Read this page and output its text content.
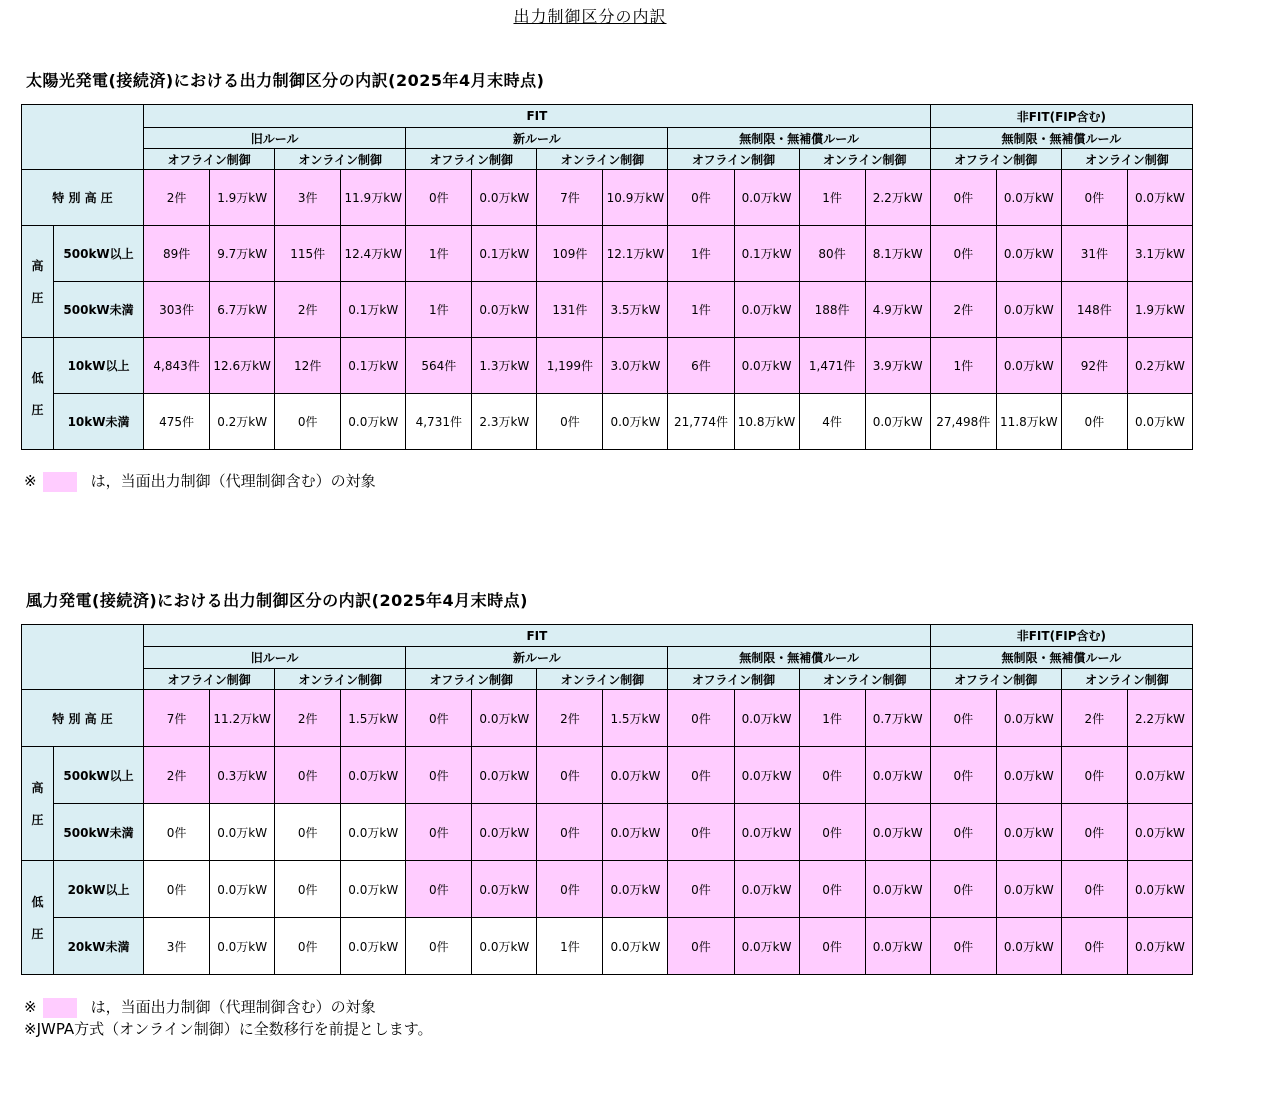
出力制御区分の内訳
太陽光発電(接続済)における出力制御区分の内訳(2025年4月末時点)
		FIT												非FIT(FIP含む)			
		旧ルール				新ルール				無制限・無補償ルール				無制限・無補償ルール			
		オフライン制御		オンライン制御		オフライン制御		オンライン制御		オフライン制御		オンライン制御		オフライン制御		オンライン制御	
特 別 高 圧		2件	1.9万kW	3件	11.9万kW	0件	0.0万kW	7件	10.9万kW	0件	0.0万kW	1件	2.2万kW	0件	0.0万kW	0件	0.0万kW
高

圧	500kW以上	89件	9.7万kW	115件	12.4万kW	1件	0.1万kW	109件	12.1万kW	1件	0.1万kW	80件	8.1万kW	0件	0.0万kW	31件	3.1万kW
	500kW未満	303件	6.7万kW	2件	0.1万kW	1件	0.0万kW	131件	3.5万kW	1件	0.0万kW	188件	4.9万kW	2件	0.0万kW	148件	1.9万kW
低

圧	10kW以上	4,843件	12.6万kW	12件	0.1万kW	564件	1.3万kW	1,199件	3.0万kW	6件	0.0万kW	1,471件	3.9万kW	1件	0.0万kW	92件	0.2万kW
	10kW未満	475件	0.2万kW	0件	0.0万kW	4,731件	2.3万kW	0件	0.0万kW	21,774件	10.8万kW	4件	0.0万kW	27,498件	11.8万kW	0件	0.0万kW
※	は，当面出力制御（代理制御含む）の対象
風力発電(接続済)における出力制御区分の内訳(2025年4月末時点)
		FIT												非FIT(FIP含む)			
		旧ルール				新ルール				無制限・無補償ルール				無制限・無補償ルール			
		オフライン制御		オンライン制御		オフライン制御		オンライン制御		オフライン制御		オンライン制御		オフライン制御		オンライン制御	
特 別 高 圧		7件	11.2万kW	2件	1.5万kW	0件	0.0万kW	2件	1.5万kW	0件	0.0万kW	1件	0.7万kW	0件	0.0万kW	2件	2.2万kW
高

圧	500kW以上	2件	0.3万kW	0件	0.0万kW	0件	0.0万kW	0件	0.0万kW	0件	0.0万kW	0件	0.0万kW	0件	0.0万kW	0件	0.0万kW
	500kW未満	0件	0.0万kW	0件	0.0万kW	0件	0.0万kW	0件	0.0万kW	0件	0.0万kW	0件	0.0万kW	0件	0.0万kW	0件	0.0万kW
低

圧	20kW以上	0件	0.0万kW	0件	0.0万kW	0件	0.0万kW	0件	0.0万kW	0件	0.0万kW	0件	0.0万kW	0件	0.0万kW	0件	0.0万kW
	20kW未満	3件	0.0万kW	0件	0.0万kW	0件	0.0万kW	1件	0.0万kW	0件	0.0万kW	0件	0.0万kW	0件	0.0万kW	0件	0.0万kW
※	は，当面出力制御（代理制御含む）の対象
※JWPA方式（オンライン制御）に全数移行を前提とします。
